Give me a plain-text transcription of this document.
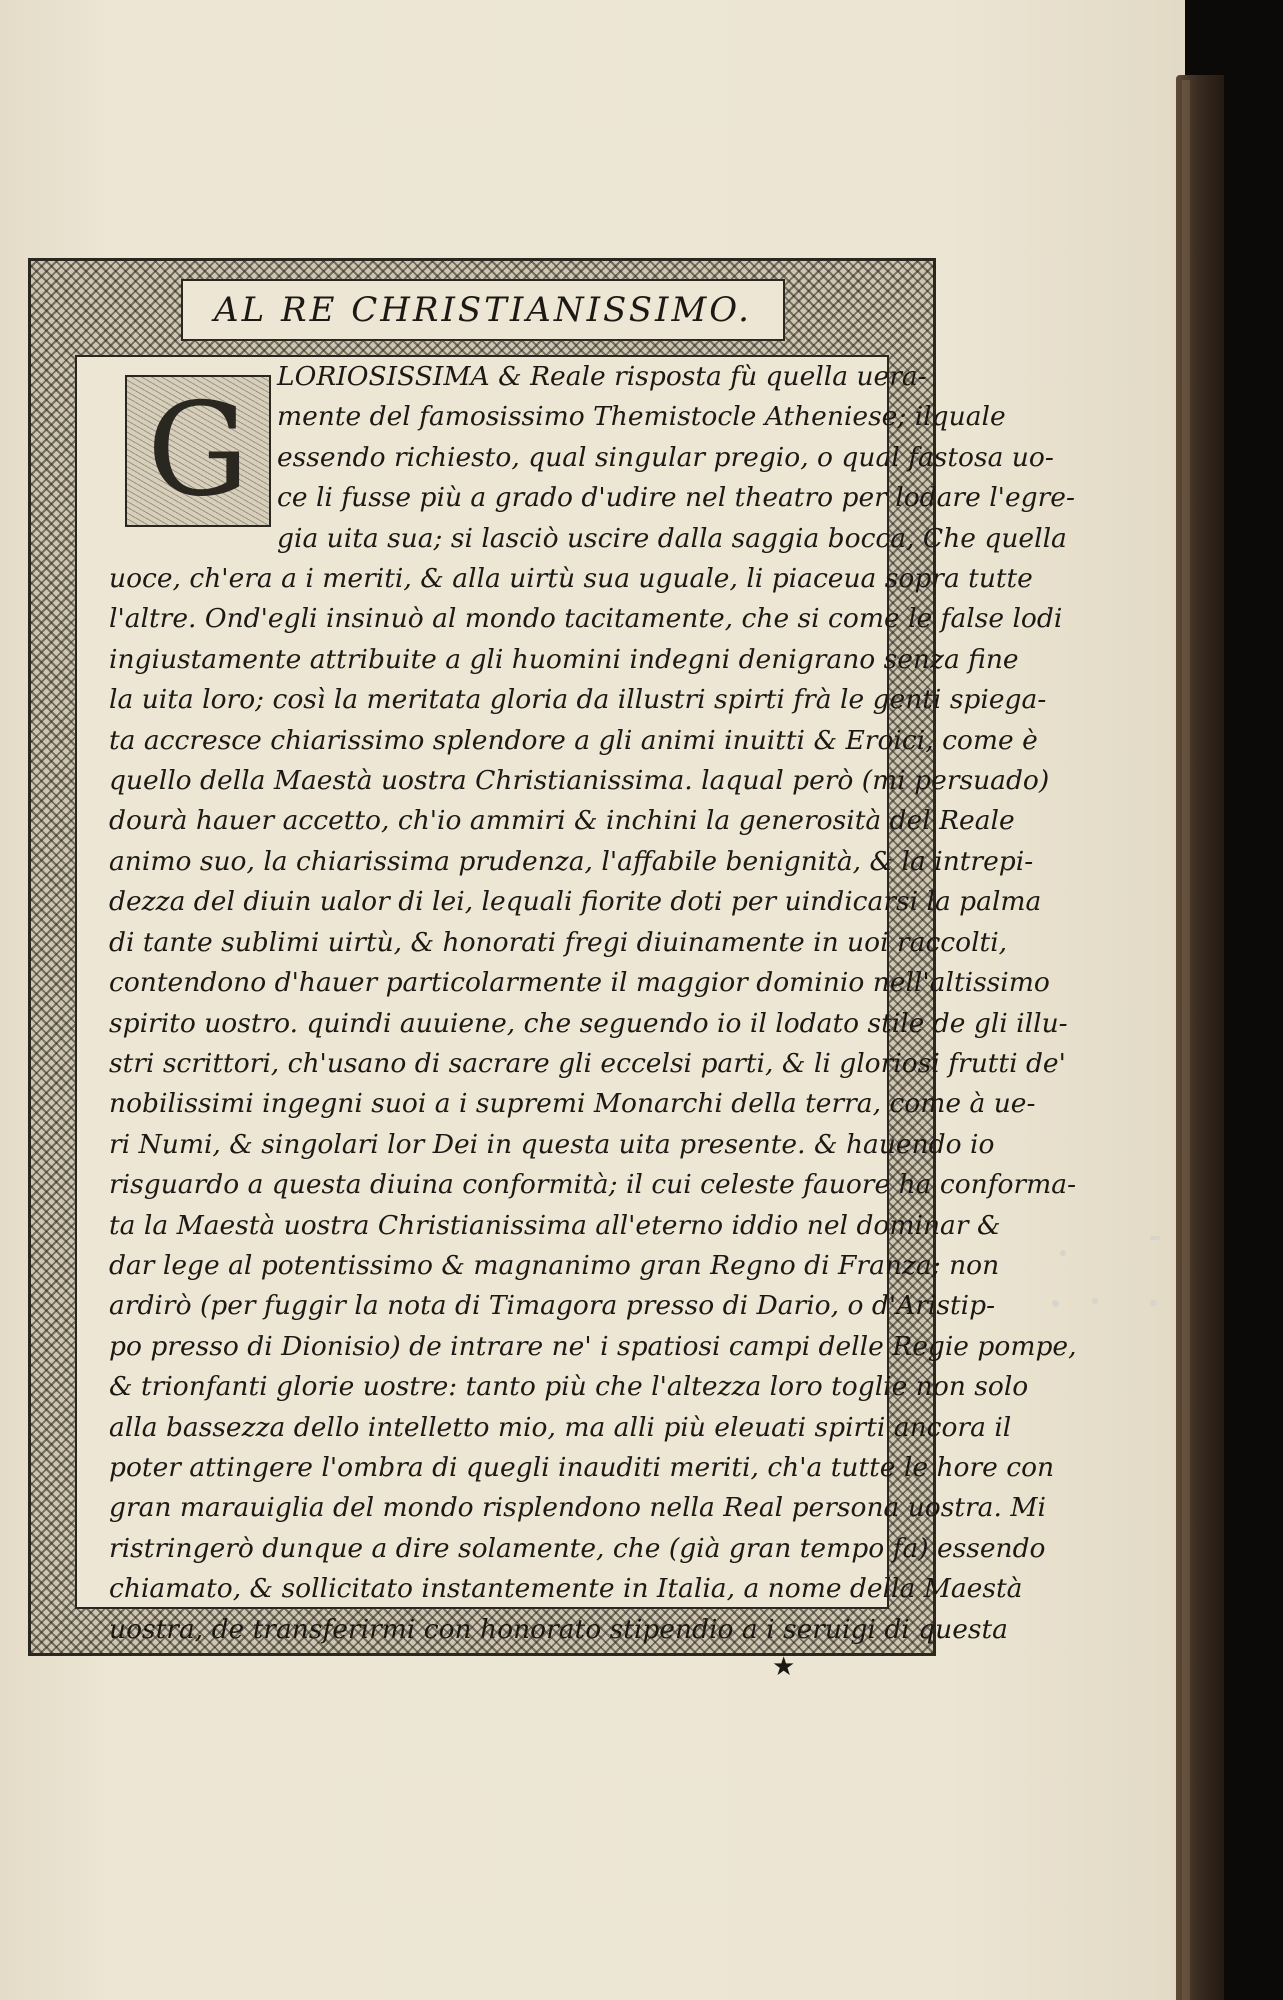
AL RE CHRISTIANISSIMO.
G	LORIOSISSIMA & Reale risposta fù quella uera-
mente del famosissimo Themistocle Atheniese; ilquale
essendo richiesto, qual singular pregio, o qual fastosa uo-
ce li fusse più a grado d'udire nel theatro per lodare l'egre-
gia uita sua; si lasciò uscire dalla saggia bocca, Che quella
uoce, ch'era a i meriti, & alla uirtù sua uguale, li piaceua sopra tutte
l'altre. Ond'egli insinuò al mondo tacitamente, che si come le false lodi
ingiustamente attribuite a gli huomini indegni denigrano senza fine
la uita loro; così la meritata gloria da illustri spirti frà le genti spiega-
ta accresce chiarissimo splendore a gli animi inuitti & Eroici, come è
quello della Maestà uostra Christianissima. laqual però (mi persuado)
dourà hauer accetto, ch'io ammiri & inchini la generosità del Reale
animo suo, la chiarissima prudenza, l'affabile benignità, & la intrepi-
dezza del diuin ualor di lei, lequali fiorite doti per uindicarsi la palma
di tante sublimi uirtù, & honorati fregi diuinamente in uoi raccolti,
contendono d'hauer particolarmente il maggior dominio nell'altissimo
spirito uostro. quindi auuiene, che seguendo io il lodato stile de gli illu-
stri scrittori, ch'usano di sacrare gli eccelsi parti, & li gloriosi frutti de'
nobilissimi ingegni suoi a i supremi Monarchi della terra, come à ue-
ri Numi, & singolari lor Dei in questa uita presente. & hauendo io
risguardo a questa diuina conformità; il cui celeste fauore ha conforma-
ta la Maestà uostra Christianissima all'eterno iddio nel dominar &
dar lege al potentissimo & magnanimo gran Regno di Franza; non
ardirò (per fuggir la nota di Timagora presso di Dario, o d'Aristip-
po presso di Dionisio) de intrare ne' i spatiosi campi delle Regie pompe,
& trionfanti glorie uostre: tanto più che l'altezza loro toglie non solo
alla bassezza dello intelletto mio, ma alli più eleuati spirti ancora il
poter attingere l'ombra di quegli inauditi meriti, ch'a tutte le hore con
gran marauiglia del mondo risplendono nella Real persona uostra. Mi
ristringerò dunque a dire solamente, che (già gran tempo fa) essendo
chiamato, & sollicitato instantemente in Italia, a nome della Maestà
uostra, de transferirmi con honorato stipendio a i seruigi di questa
★
